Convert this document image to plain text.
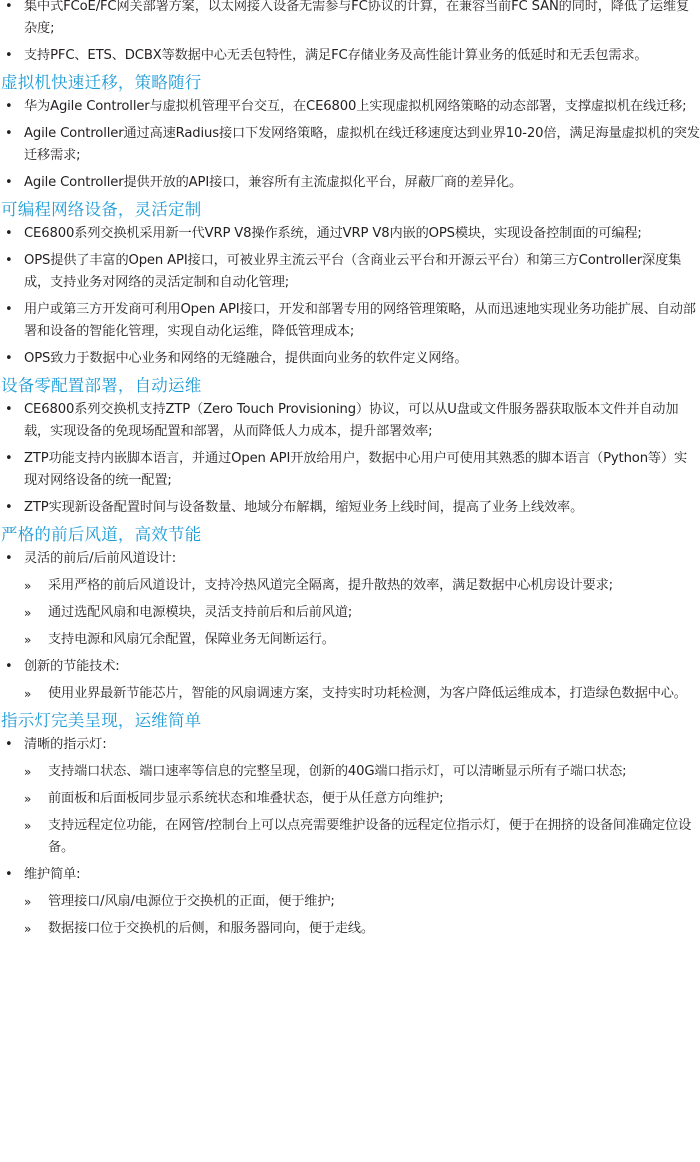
• 集中式FCoE/FC网关部署方案，以太网接入设备无需参与FC协议的计算，在兼容当前FC SAN的同时，降低了运维复杂度;
• 支持PFC、ETS、DCBX等数据中心无丢包特性，满足FC存储业务及高性能计算业务的低延时和无丢包需求。
虚拟机快速迁移，策略随行
• 华为Agile Controller与虚拟机管理平台交互，在CE6800上实现虚拟机网络策略的动态部署，支撑虚拟机在线迁移;
• Agile Controller通过高速Radius接口下发网络策略，虚拟机在线迁移速度达到业界10-20倍，满足海量虚拟机的突发迁移需求;
• Agile Controller提供开放的API接口，兼容所有主流虚拟化平台，屏蔽厂商的差异化。
可编程网络设备，灵活定制
• CE6800系列交换机采用新一代VRP V8操作系统，通过VRP V8内嵌的OPS模块，实现设备控制面的可编程;
• OPS提供了丰富的Open API接口，可被业界主流云平台（含商业云平台和开源云平台）和第三方Controller深度集成，支持业务对网络的灵活定制和自动化管理;
• 用户或第三方开发商可利用Open API接口，开发和部署专用的网络管理策略，从而迅速地实现业务功能扩展、自动部署和设备的智能化管理，实现自动化运维，降低管理成本;
• OPS致力于数据中心业务和网络的无缝融合，提供面向业务的软件定义网络。
设备零配置部署，自动运维
• CE6800系列交换机支持ZTP（Zero Touch Provisioning）协议，可以从U盘或文件服务器获取版本文件并自动加载，实现设备的免现场配置和部署，从而降低人力成本，提升部署效率;
• ZTP功能支持内嵌脚本语言，并通过Open API开放给用户，数据中心用户可使用其熟悉的脚本语言（Python等）实现对网络设备的统一配置;
• ZTP实现新设备配置时间与设备数量、地域分布解耦，缩短业务上线时间，提高了业务上线效率。
严格的前后风道，高效节能
• 灵活的前后/后前风道设计:
» 采用严格的前后风道设计，支持冷热风道完全隔离，提升散热的效率，满足数据中心机房设计要求;
» 通过选配风扇和电源模块，灵活支持前后和后前风道;
» 支持电源和风扇冗余配置，保障业务无间断运行。
• 创新的节能技术:
» 使用业界最新节能芯片，智能的风扇调速方案，支持实时功耗检测，为客户降低运维成本，打造绿色数据中心。
指示灯完美呈现，运维简单
• 清晰的指示灯:
» 支持端口状态、端口速率等信息的完整呈现，创新的40G端口指示灯，可以清晰显示所有子端口状态;
» 前面板和后面板同步显示系统状态和堆叠状态，便于从任意方向维护;
» 支持远程定位功能，在网管/控制台上可以点亮需要维护设备的远程定位指示灯，便于在拥挤的设备间准确定位设备。
• 维护简单:
» 管理接口/风扇/电源位于交换机的正面，便于维护;
» 数据接口位于交换机的后侧，和服务器同向，便于走线。
